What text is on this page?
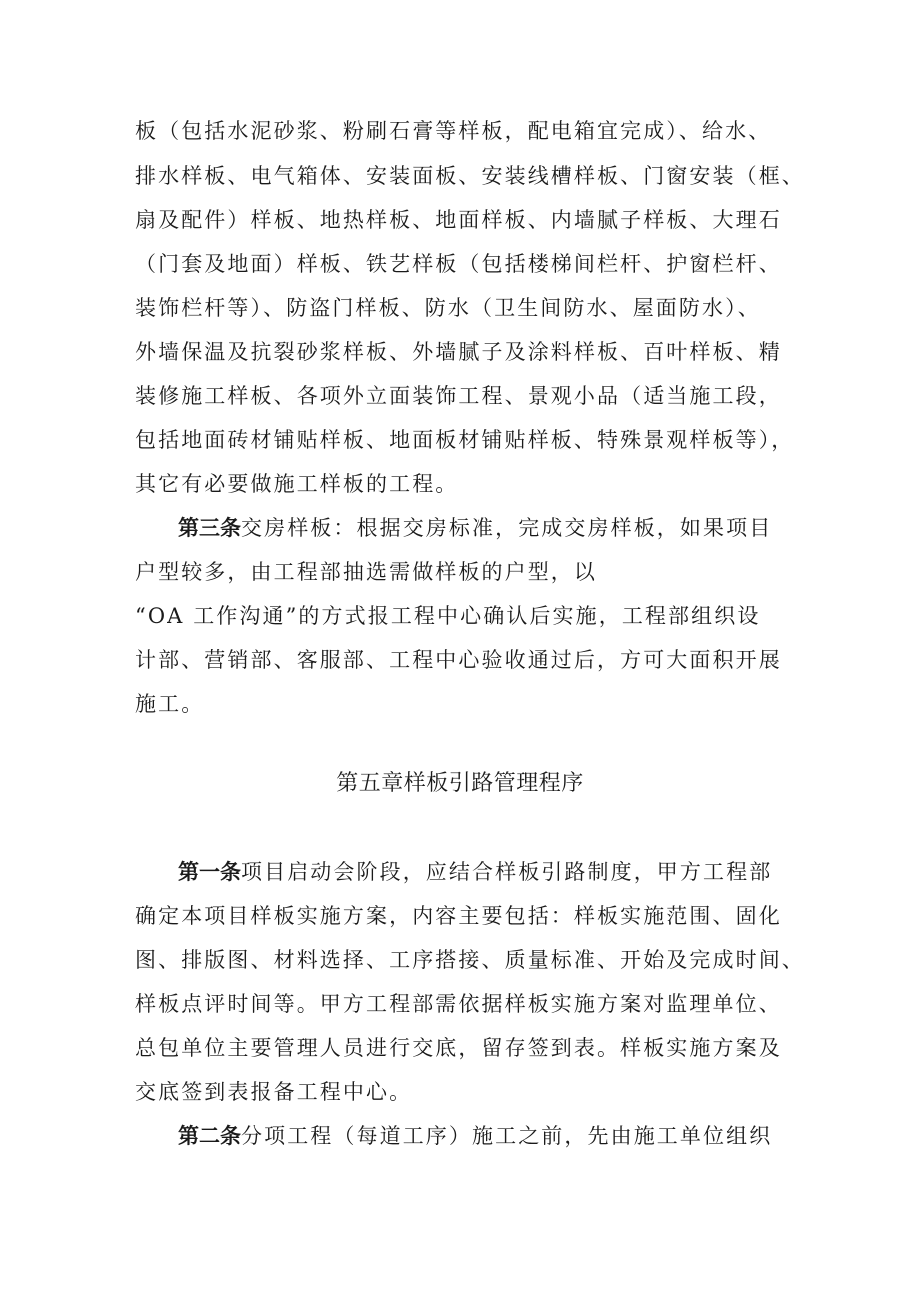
板（包括水泥砂浆、粉刷石膏等样板，配电箱宜完成）、给水、
排水样板、电气箱体、安装面板、安装线槽样板、门窗安装（框、
扇及配件）样板、地热样板、地面样板、内墙腻子样板、大理石
（门套及地面）样板、铁艺样板（包括楼梯间栏杆、护窗栏杆、
装饰栏杆等）、防盗门样板、防水（卫生间防水、屋面防水）、
外墙保温及抗裂砂浆样板、外墙腻子及涂料样板、百叶样板、精
装修施工样板、各项外立面装饰工程、景观小品（适当施工段，
包括地面砖材铺贴样板、地面板材铺贴样板、特殊景观样板等），
其它有必要做施工样板的工程。
第三条交房样板：根据交房标准，完成交房样板，如果项目
户型较多，由工程部抽选需做样板的户型，以
“OA 工作沟通”的方式报工程中心确认后实施，工程部组织设
计部、营销部、客服部、工程中心验收通过后，方可大面积开展
施工。
第五章样板引路管理程序
第一条项目启动会阶段，应结合样板引路制度，甲方工程部
确定本项目样板实施方案，内容主要包括：样板实施范围、固化
图、排版图、材料选择、工序搭接、质量标准、开始及完成时间、
样板点评时间等。甲方工程部需依据样板实施方案对监理单位、
总包单位主要管理人员进行交底，留存签到表。样板实施方案及
交底签到表报备工程中心。
第二条分项工程（每道工序）施工之前，先由施工单位组织
